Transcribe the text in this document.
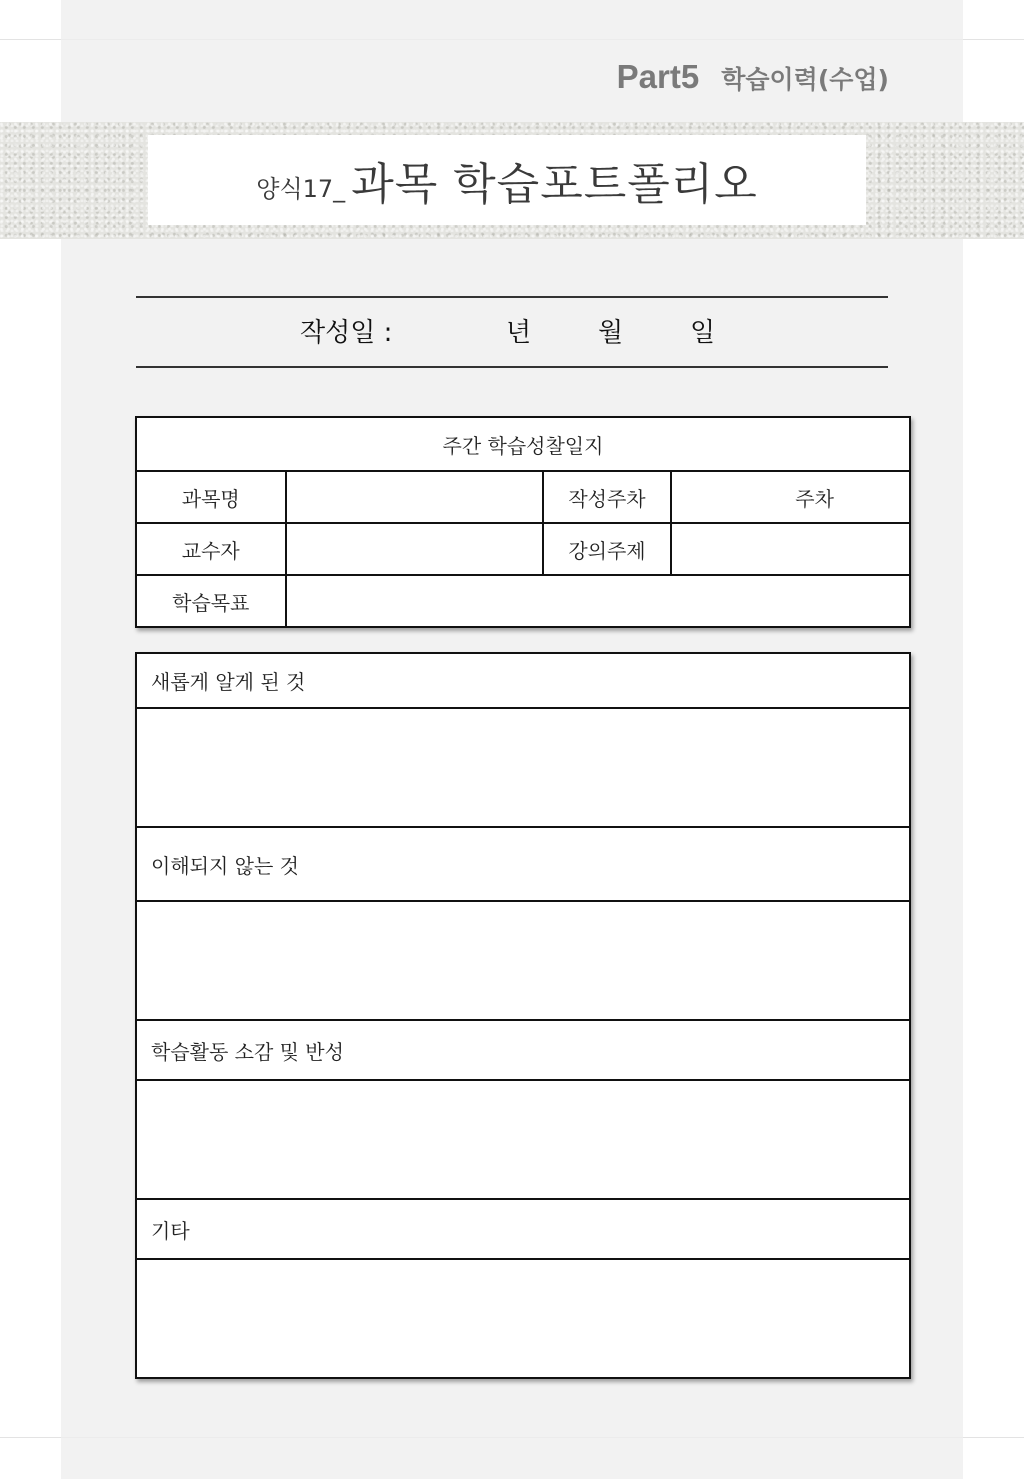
Part5 학습이력(수업)
양식17_ 과목 학습포트폴리오
작성일 :	년	월	일
주간 학습성찰일지			
과목명		작성주차	주차
교수자		강의주제	
학습목표			
새롭게 알게 된 것

이해되지 않는 것

학습활동 소감 및 반성

기타
